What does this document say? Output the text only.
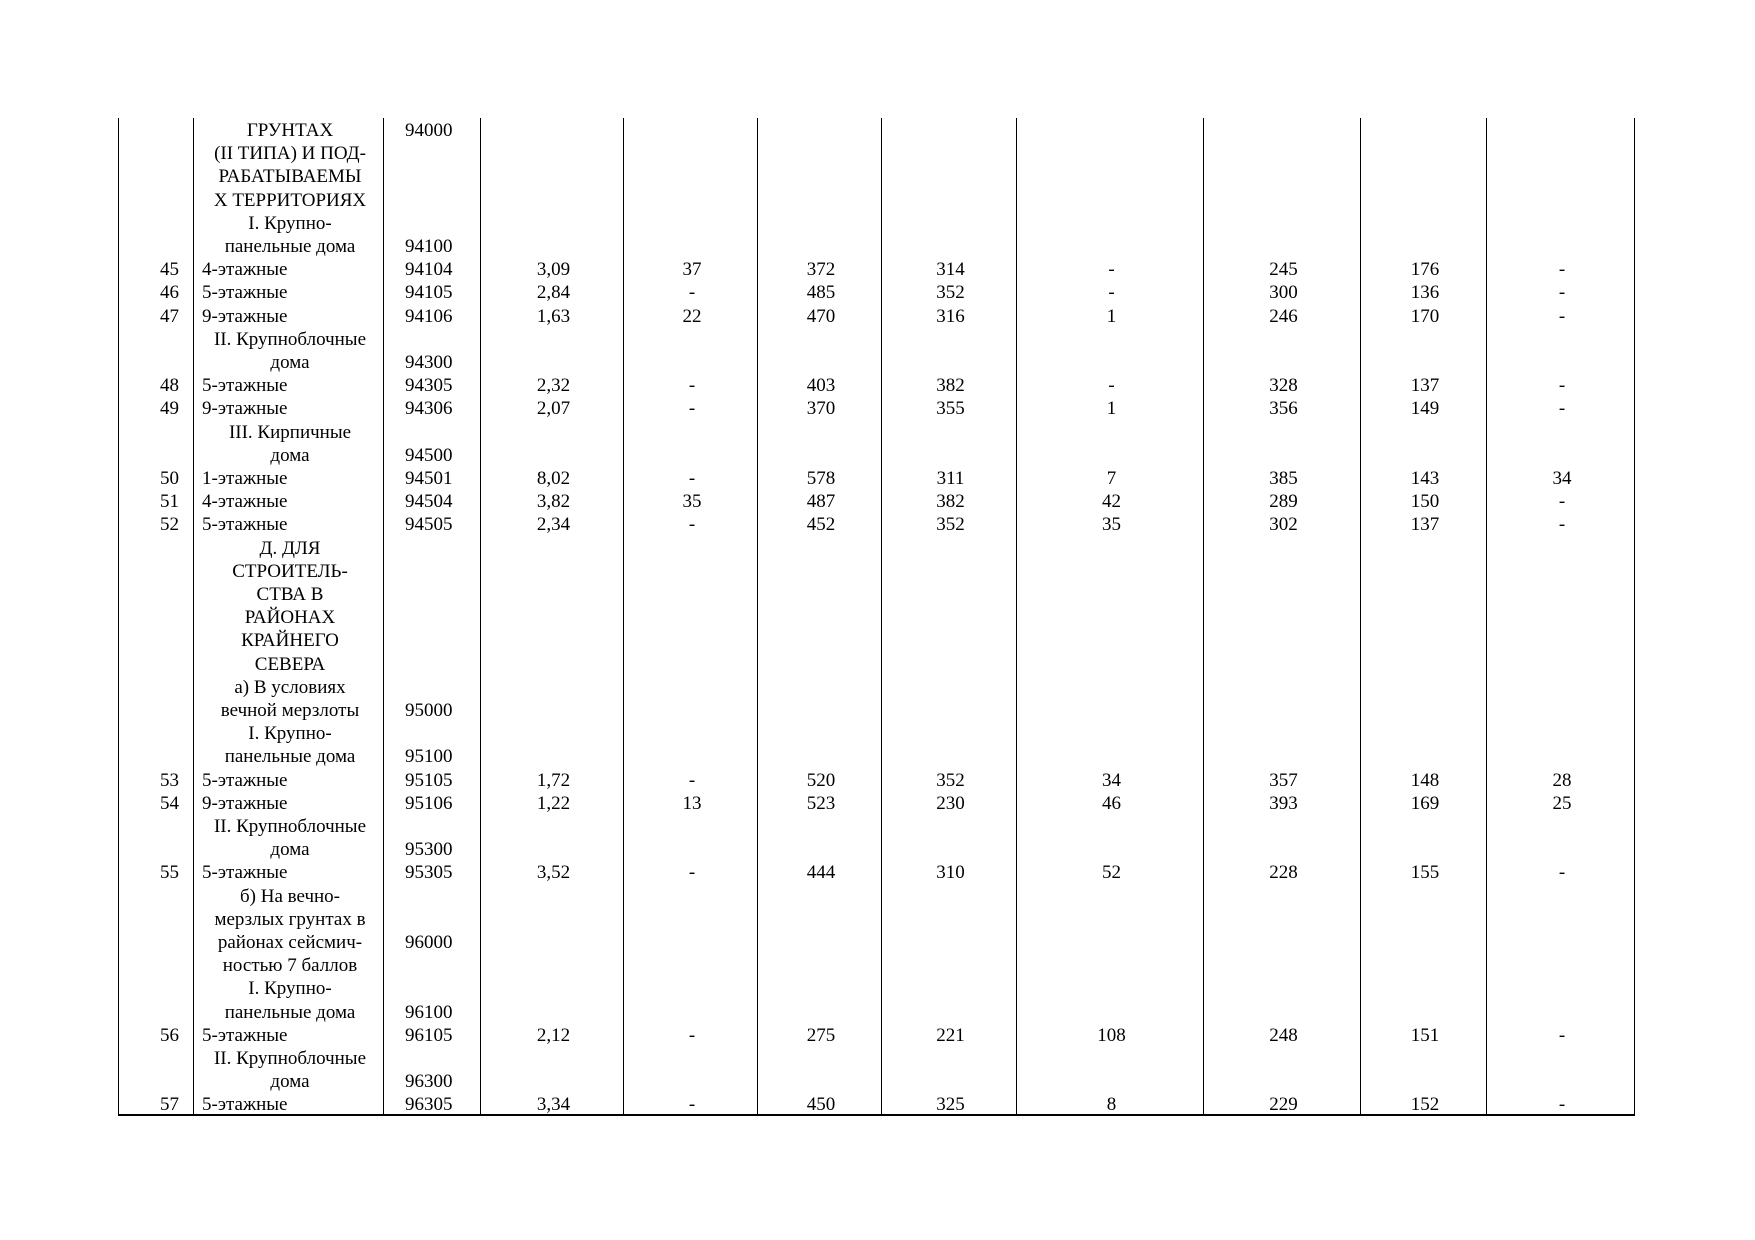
ГРУНТАХ	94000
(II ТИПА) И ПОД-
РАБАТЫВАЕМЫ
Х ТЕРРИТОРИЯХ
I. Крупно-
панельные дома	94100
45	4-этажные	94104	3,09	37	372	314	-	245	176	-
46	5-этажные	94105	2,84	-	485	352	-	300	136	-
47	9-этажные	94106	1,63	22	470	316	1	246	170	-
II. Крупноблочные
дома	94300
48	5-этажные	94305	2,32	-	403	382	-	328	137	-
49	9-этажные	94306	2,07	-	370	355	1	356	149	-
III. Кирпичные
дома	94500
50	1-этажные	94501	8,02	-	578	311	7	385	143	34
51	4-этажные	94504	3,82	35	487	382	42	289	150	-
52	5-этажные	94505	2,34	-	452	352	35	302	137	-
Д. ДЛЯ
СТРОИТЕЛЬ-
СТВА В
РАЙОНАХ
КРАЙНЕГО
СЕВЕРА
а) В условиях
вечной мерзлоты	95000
I. Крупно-
панельные дома	95100
53	5-этажные	95105	1,72	-	520	352	34	357	148	28
54	9-этажные	95106	1,22	13	523	230	46	393	169	25
II. Крупноблочные
дома	95300
55	5-этажные	95305	3,52	-	444	310	52	228	155	-
б) На вечно-
мерзлых грунтах в
районах сейсмич-	96000
ностью 7 баллов
I. Крупно-
панельные дома	96100
56	5-этажные	96105	2,12	-	275	221	108	248	151	-
II. Крупноблочные
дома	96300
57	5-этажные	96305	3,34	-	450	325	8	229	152	-
